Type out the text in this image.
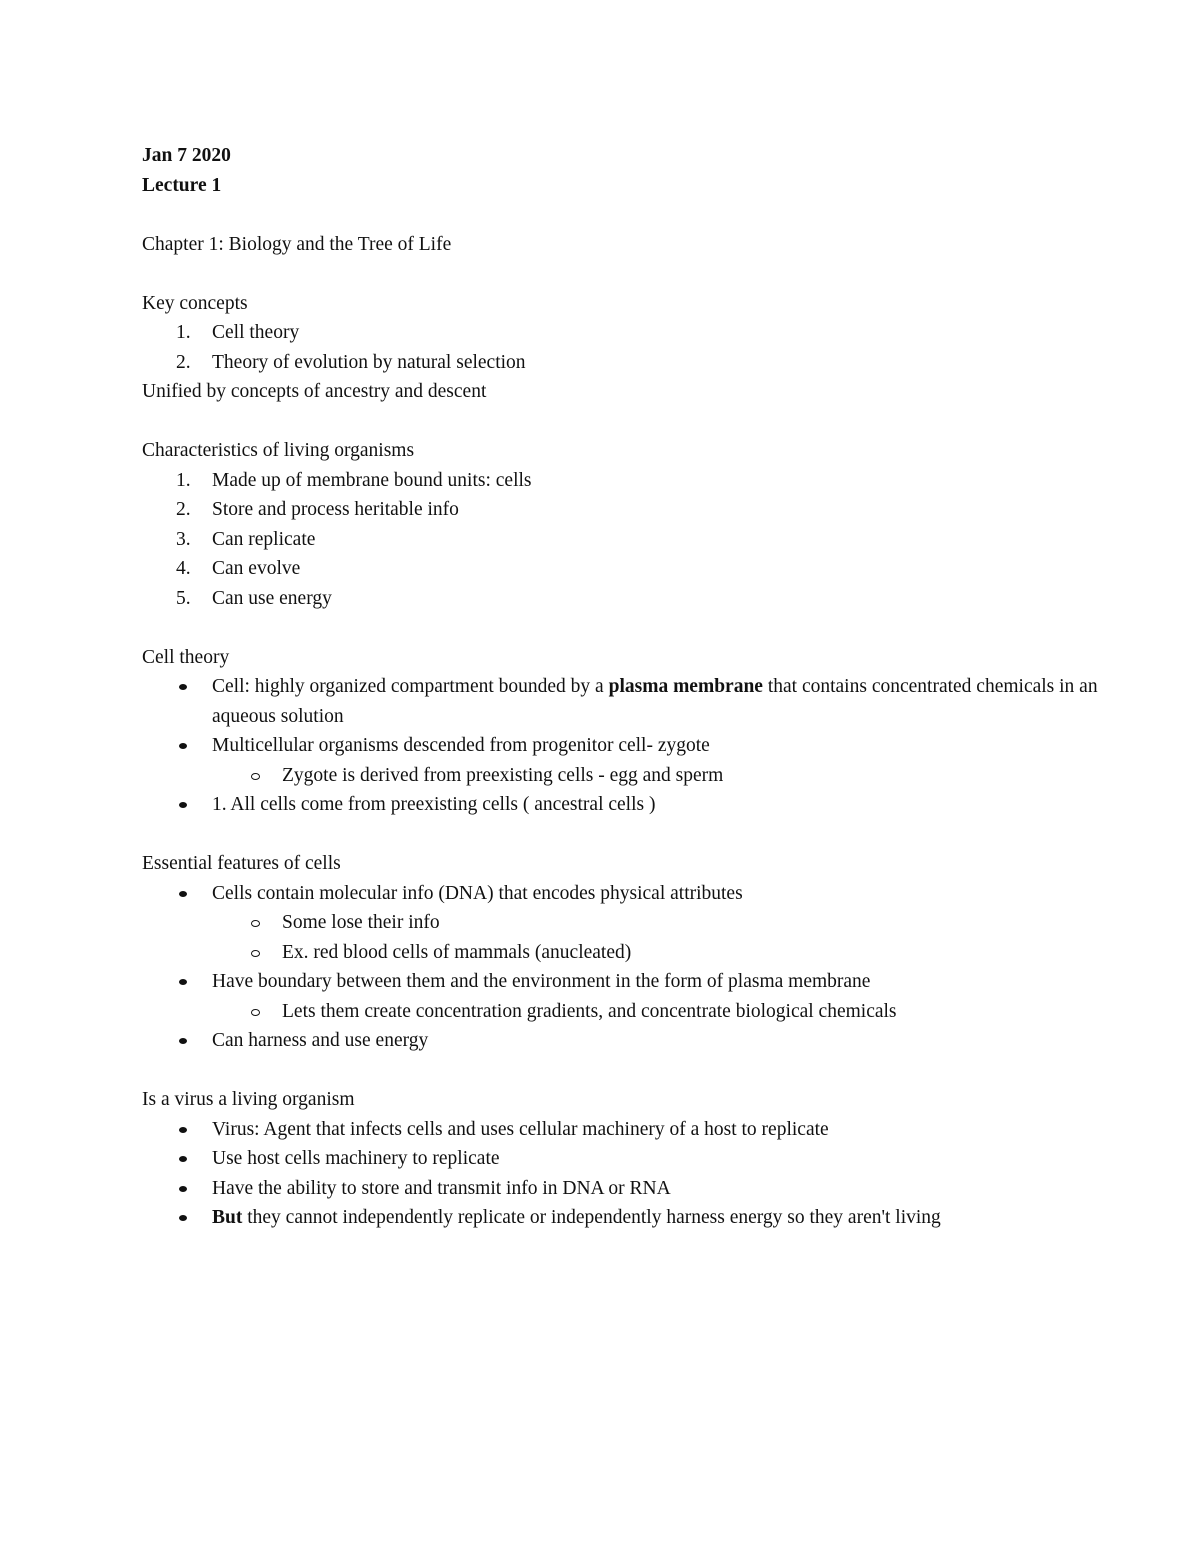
Jan 7 2020
Lecture 1
Chapter 1: Biology and the Tree of Life
Key concepts
1.	Cell theory
2.	Theory of evolution by natural selection
Unified by concepts of ancestry and descent
Characteristics of living organisms
1.	Made up of membrane bound units: cells
2.	Store and process heritable info
3.	Can replicate
4.	Can evolve
5.	Can use energy
Cell theory
Cell: highly organized compartment bounded by a plasma membrane that contains concentrated chemicals in an aqueous solution
Multicellular organisms descended from progenitor cell- zygote
Zygote is derived from preexisting cells - egg and sperm
1. All cells come from preexisting cells ( ancestral cells )
Essential features of cells
Cells contain molecular info (DNA) that encodes physical attributes
Some lose their info
Ex. red blood cells of mammals (anucleated)
Have boundary between them and the environment in the form of plasma membrane
Lets them create concentration gradients, and concentrate biological chemicals
Can harness and use energy
Is a virus a living organism
Virus: Agent that infects cells and uses cellular machinery of a host to replicate
Use host cells machinery to replicate
Have the ability to store and transmit info in DNA or RNA
But they cannot independently replicate or independently harness energy so they aren't living
